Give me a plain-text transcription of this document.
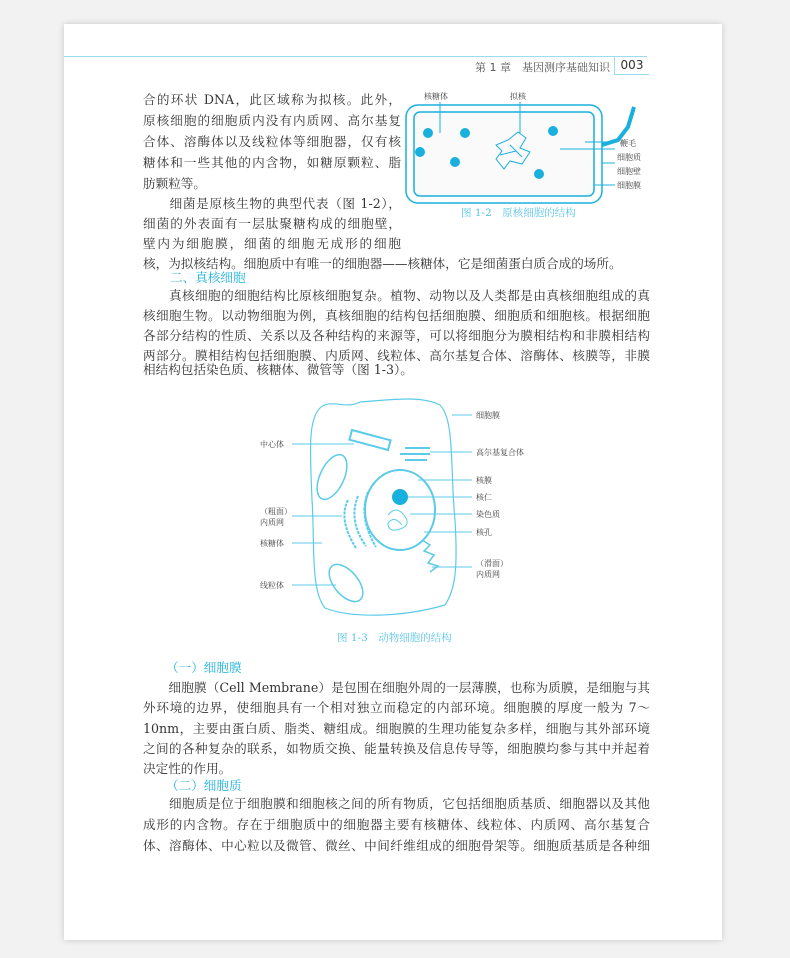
第 1 章　基因测序基础知识 003
合的环状 DNA，此区域称为拟核。此外，
原核细胞的细胞质内没有内质网、高尔基复
合体、溶酶体以及线粒体等细胞器，仅有核
糖体和一些其他的内含物，如糖原颗粒、脂
肪颗粒等。
　　细菌是原核生物的典型代表（图 1-2），
细菌的外表面有一层肽聚糖构成的细胞壁，
壁内为细胞膜，细菌的细胞无成形的细胞
核，为拟核结构。细胞质中有唯一的细胞器——核糖体，它是细菌蛋白质合成的场所。
核糖体	拟核
鞭毛
细胞质
细胞壁
细胞膜
图 1-2　原核细胞的结构
二、真核细胞
　　真核细胞的细胞结构比原核细胞复杂。植物、动物以及人类都是由真核细胞组成的真
核细胞生物。以动物细胞为例，真核细胞的结构包括细胞膜、细胞质和细胞核。根据细胞
各部分结构的性质、关系以及各种结构的来源等，可以将细胞分为膜相结构和非膜相结构
两部分。膜相结构包括细胞膜、内质网、线粒体、高尔基复合体、溶酶体、核膜等，非膜
相结构包括染色质、核糖体、微管等（图 1-3）。
中心体
（粗面）
内质网
核糖体
线粒体
细胞膜
高尔基复合体
核膜
核仁
染色质
核孔
（滑面）
内质网
图 1-3　动物细胞的结构
（一）细胞膜
　　细胞膜（Cell Membrane）是包围在细胞外周的一层薄膜，也称为质膜，是细胞与其
外环境的边界，使细胞具有一个相对独立而稳定的内部环境。细胞膜的厚度一般为 7～
10nm，主要由蛋白质、脂类、糖组成。细胞膜的生理功能复杂多样，细胞与其外部环境
之间的各种复杂的联系，如物质交换、能量转换及信息传导等，细胞膜均参与其中并起着
决定性的作用。
（二）细胞质
　　细胞质是位于细胞膜和细胞核之间的所有物质，它包括细胞质基质、细胞器以及其他
成形的内含物。存在于细胞质中的细胞器主要有核糖体、线粒体、内质网、高尔基复合
体、溶酶体、中心粒以及微管、微丝、中间纤维组成的细胞骨架等。细胞质基质是各种细
